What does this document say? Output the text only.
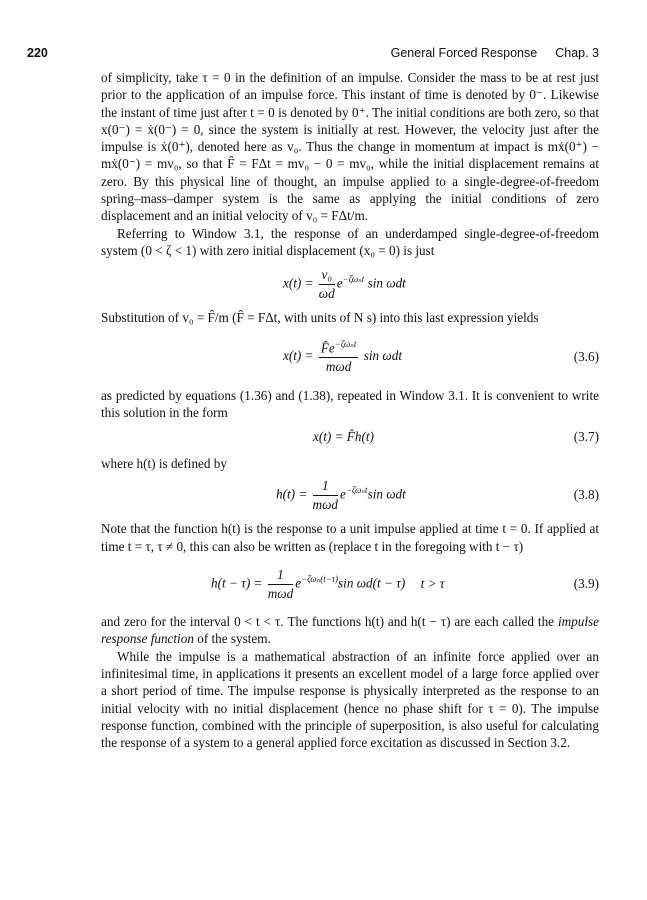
220	General Forced Response Chap. 3

of simplicity, take τ = 0 in the definition of an impulse. Consider the mass to be at rest just prior to the application of an impulse force. This instant of time is denoted by 0⁻. Likewise the instant of time just after t = 0 is denoted by 0⁺. The initial conditions are both zero, so that x(0⁻) = ẋ(0⁻) = 0, since the system is initially at rest. However, the velocity just after the impulse is ẋ(0⁺), denoted here as v₀. Thus the change in momentum at impact is mẋ(0⁺) − mẋ(0⁻) = mv₀, so that F̂ = FΔt = mv₀ − 0 = mv₀, while the initial displacement remains at zero. By this physical line of thought, an impulse applied to a single-degree-of-freedom spring–mass–damper system is the same as applying the initial conditions of zero displacement and an initial velocity of v₀ = FΔt/m.

Referring to Window 3.1, the response of an underdamped single-degree-of-freedom system (0 < ζ < 1) with zero initial displacement (x₀ = 0) is just

$x(t) = \frac{\text{v₀}}{\omega d} e^{-\zeta\omega_nt}$ sin ωdt

Substitution of v₀ = F̂/m (F̂ = FΔt, with units of N s) into this last expression yields

$x(t) = \frac{F̂e^{-\zeta\omega_nt}}{\text{mωd}}$ sin ωdt	(3.6)

as predicted by equations (1.36) and (1.38), repeated in Window 3.1. It is convenient to write this solution in the form

x(t) = F̂h(t)	(3.7)

where h(t) is defined by

$h(t) = \frac{1}{\text{mωd}} e^{-\zeta\omega_nt}\sin$ ωdt	(3.8)

Note that the function h(t) is the response to a unit impulse applied at time t = 0. If applied at time t = τ, τ ≠ 0, this can also be written as (replace t in the foregoing with t − τ)

$h(t - \tau) = \frac{1}{\text{mωd}} e^{-\zeta\omega_n(t-\tau)}\sin$ ωd(t − τ) t > τ	(3.9)

and zero for the interval 0 < t < τ. The functions h(t) and h(t − τ) are each called the impulse response function of the system.

While the impulse is a mathematical abstraction of an infinite force applied over an infinitesimal time, in applications it presents an excellent model of a large force applied over a short period of time. The impulse response is physically interpreted as the response to an initial velocity with no initial displacement (hence no phase shift for τ = 0). The impulse response function, combined with the principle of superposition, is also useful for calculating the response of a system to a general applied force excitation as discussed in Section 3.2.
